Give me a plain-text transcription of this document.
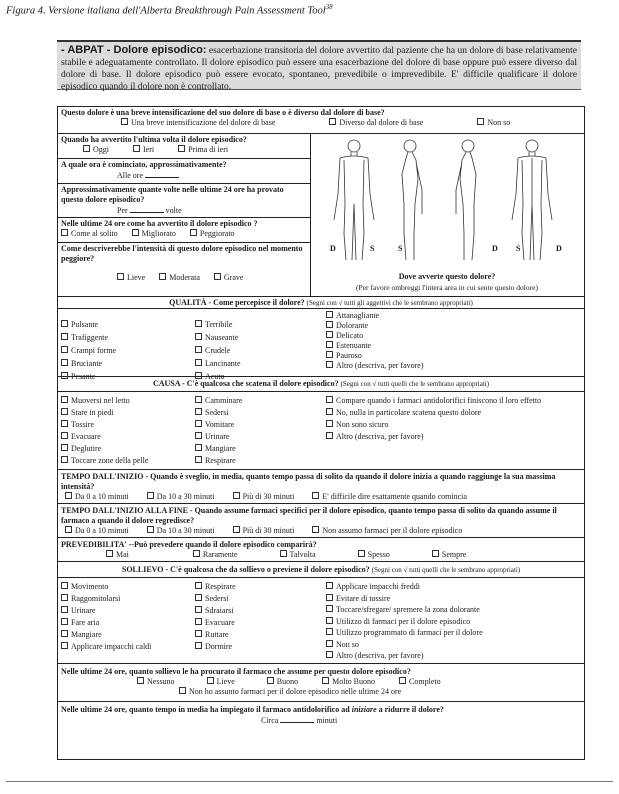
Figura 4. Versione italiana dell'Alberta Breakthrough Pain Assessment Tool$^{38}$
- ABPAT - Dolore episodico: esacerbazione transitoria del dolore avvertito dal paziente che ha un dolore di base relativamente stabile e adeguatamente controllato. Il dolore episodico può essere una esacerbazione del dolore di base oppure può essere diverso dal dolore di base. Il dolore episodico può essere evocato, spontaneo, prevedibile o imprevedibile. E' difficile qualificare il dolore episodico quando il dolore non è controllato.
Questo dolore è una breve intensificazione del suo dolore di base o è diverso dal dolore di base?
Una breve intensificazione del dolore di base	Diverso dal dolore di base	Non so
Quando ha avvertito l'ultima volta il dolore episodico?
Oggi	Ieri	Prima di ieri
A quale ora è cominciato, approssimativamente?
Alle ore
Approssimativamente quante volte nelle ultime 24 ore ha provato questo dolore episodico?
Per	volte
Nelle ultime 24 ore come ha avvertito il dolore episodico ?
Come al solito	Migliorato	Peggiorato
Come descriverebbe l'intensità di questo dolore episodico nel momento peggiore?
Lieve	Moderata	Grave
D	S	S	D S	D
Dove avverte questo dolore?
(Per favore ombreggi l'intera area in cui sente questo dolore)
QUALITÀ - Come percepisce il dolore? (Segni con √ tutti gli aggettivi che le sembrano appropriati)
Pulsante
Trafiggente
Crampi forme
Bruciante
Pesante
Terribile
Nauseante
Crudele
Lancinante
Acuto
Attanagliante
Dolorante
Delicato
Estenuante
Pauroso
Altro (descriva, per favore)
CAUSA - C'è qualcosa che scatena il dolore episodico? (Segni con √ tutti quelli che le sembrano appropriati)
Muoversi nel letto
Stare in piedi
Tossire
Evacuare
Deglutire
Toccare zone della pelle
Camminare
Sedersi
Vomitare
Urinare
Mangiare
Respirare
Compare quando i farmaci antidolorifici finiscono il loro effetto
No, nulla in particolare scatena questo dolore
Non sono sicuro
Altro (descriva, per favore)
TEMPO DALL'INIZIO - Quando è sveglio, in media, quanto tempo passa di solito da quando il dolore inizia a quando raggiunge la sua massima intensità?
Da 0 a 10 minuti	Da 10 a 30 minuti	Più di 30 minuti	E' difficile dire esattamente quando comincia
TEMPO DALL'INIZIO ALLA FINE - Quando assume farmaci specifici per il dolore episodico, quanto tempo passa di solito da quando assume il farmaco a quando il dolore regredisce?
Da 0 a 10 minuti	Da 10 a 30 minuti	Più di 30 minuti	Non assumo farmaci per il dolore episodico
PREVEDIBILITA' --Può prevedere quando il dolore episodico comparirà?
Mai	Raramente	Talvolta	Spesso	Sempre
SOLLIEVO - C'è qualcosa che da sollievo o previene il dolore episodico? (Segni con √ tutti quelli che le sembrano appropriati)
Movimento
Raggomitolarsi
Urinare
Fare aria
Mangiare
Applicare impacchi caldi
Respirare
Sedersi
Sdraiarsi
Evacuare
Ruttare
Dormire
Applicare impacchi freddi
Evitare di tossire
Toccare/sfregare/ spremere la zona dolorante
Utilizzo di farmaci per il dolore episodico
Utilizzo programmato di farmaci per il dolore
Non so
Altro (descriva, per favore)
Nelle ultime 24 ore, quanto sollievo le ha procurato il farmaco che assume per questo dolore episodico?
Nessuno	Lieve	Buono	Molto Buono	Completo
Non ho assunto farmaci per il dolore episodico nelle ultime 24 ore
Nelle ultime 24 ore, quanto tempo in media ha impiegato il farmaco antidolorifico ad iniziare a ridurre il dolore?
Circa	minuti
